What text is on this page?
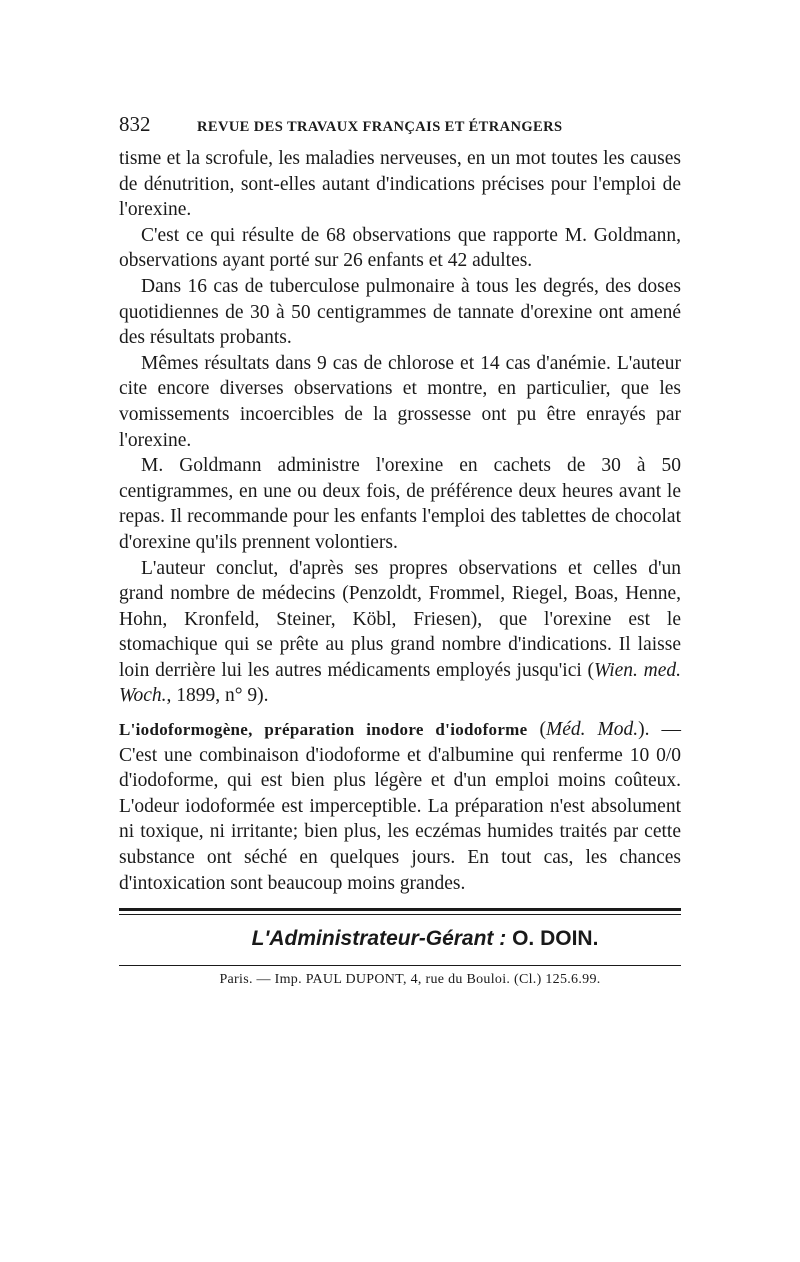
832	REVUE DES TRAVAUX FRANÇAIS ET ÉTRANGERS

tisme et la scrofule, les maladies nerveuses, en un mot toutes les causes de dénutrition, sont-elles autant d'indications précises pour l'emploi de l'orexine.

C'est ce qui résulte de 68 observations que rapporte M. Goldmann, observations ayant porté sur 26 enfants et 42 adultes.

Dans 16 cas de tuberculose pulmonaire à tous les degrés, des doses quotidiennes de 30 à 50 centigrammes de tannate d'orexine ont amené des résultats probants.

Mêmes résultats dans 9 cas de chlorose et 14 cas d'anémie. L'auteur cite encore diverses observations et montre, en particulier, que les vomissements incoercibles de la grossesse ont pu être enrayés par l'orexine.

M. Goldmann administre l'orexine en cachets de 30 à 50 centigrammes, en une ou deux fois, de préférence deux heures avant le repas. Il recommande pour les enfants l'emploi des tablettes de chocolat d'orexine qu'ils prennent volontiers.

L'auteur conclut, d'après ses propres observations et celles d'un grand nombre de médecins (Penzoldt, Frommel, Riegel, Boas, Henne, Hohn, Kronfeld, Steiner, Köbl, Friesen), que l'orexine est le stomachique qui se prête au plus grand nombre d'indications. Il laisse loin derrière lui les autres médicaments employés jusqu'ici (Wien. med. Woch., 1899, n° 9).

L'iodoformogène, préparation inodore d'iodoforme (Méd. Mod.). — C'est une combinaison d'iodoforme et d'albumine qui renferme 10 0/0 d'iodoforme, qui est bien plus légère et d'un emploi moins coûteux. L'odeur iodoformée est imperceptible. La préparation n'est absolument ni toxique, ni irritante; bien plus, les eczémas humides traités par cette substance ont séché en quelques jours. En tout cas, les chances d'intoxication sont beaucoup moins grandes.

L'Administrateur-Gérant : O. DOIN.
Paris. — Imp. PAUL DUPONT, 4, rue du Bouloi. (Cl.) 125.6.99.
